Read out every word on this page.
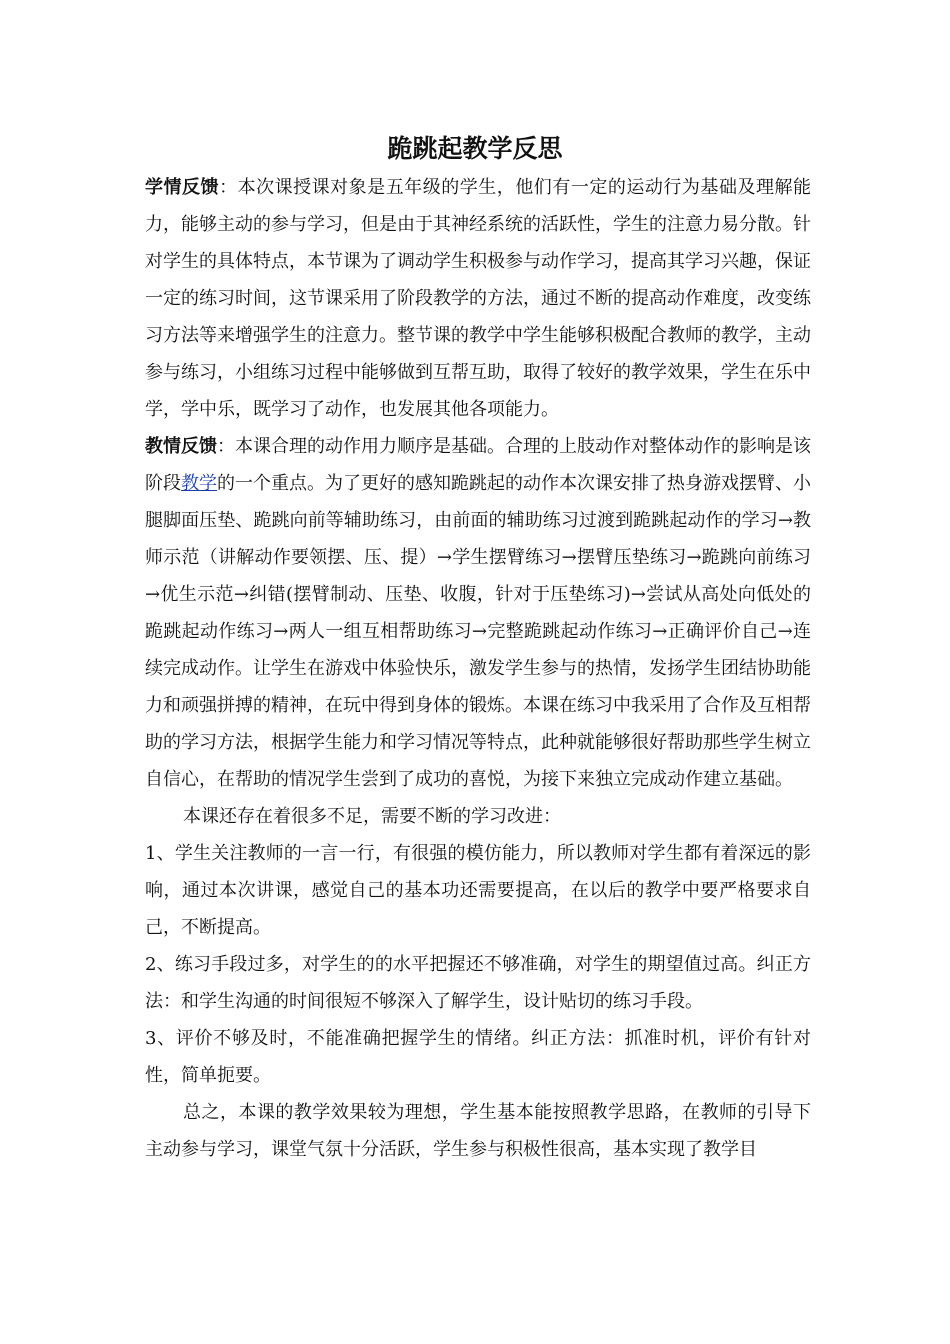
跪跳起教学反思

学情反馈：本次课授课对象是五年级的学生，他们有一定的运动行为基础及理解能力，能够主动的参与学习，但是由于其神经系统的活跃性，学生的注意力易分散。针对学生的具体特点，本节课为了调动学生积极参与动作学习，提高其学习兴趣，保证一定的练习时间，这节课采用了阶段教学的方法，通过不断的提高动作难度，改变练习方法等来增强学生的注意力。整节课的教学中学生能够积极配合教师的教学，主动参与练习，小组练习过程中能够做到互帮互助，取得了较好的教学效果，学生在乐中学，学中乐，既学习了动作，也发展其他各项能力。

教情反馈：本课合理的动作用力顺序是基础。合理的上肢动作对整体动作的影响是该阶段教学的一个重点。为了更好的感知跪跳起的动作本次课安排了热身游戏摆臂、小腿脚面压垫、跪跳向前等辅助练习，由前面的辅助练习过渡到跪跳起动作的学习→教师示范（讲解动作要领摆、压、提）→学生摆臂练习→摆臂压垫练习→跪跳向前练习→优生示范→纠错(摆臂制动、压垫、收腹，针对于压垫练习)→尝试从高处向低处的跪跳起动作练习→两人一组互相帮助练习→完整跪跳起动作练习→正确评价自己→连续完成动作。让学生在游戏中体验快乐，激发学生参与的热情，发扬学生团结协助能力和顽强拼搏的精神，在玩中得到身体的锻炼。本课在练习中我采用了合作及互相帮助的学习方法，根据学生能力和学习情况等特点，此种就能够很好帮助那些学生树立自信心，在帮助的情况学生尝到了成功的喜悦，为接下来独立完成动作建立基础。

本课还存在着很多不足，需要不断的学习改进：

1、学生关注教师的一言一行，有很强的模仿能力，所以教师对学生都有着深远的影响，通过本次讲课，感觉自己的基本功还需要提高，在以后的教学中要严格要求自己，不断提高。

2、练习手段过多，对学生的的水平把握还不够准确，对学生的期望值过高。纠正方法：和学生沟通的时间很短不够深入了解学生，设计贴切的练习手段。

3、评价不够及时，不能准确把握学生的情绪。纠正方法：抓准时机，评价有针对性，简单扼要。

总之，本课的教学效果较为理想，学生基本能按照教学思路，在教师的引导下主动参与学习，课堂气氛十分活跃，学生参与积极性很高，基本实现了教学目
